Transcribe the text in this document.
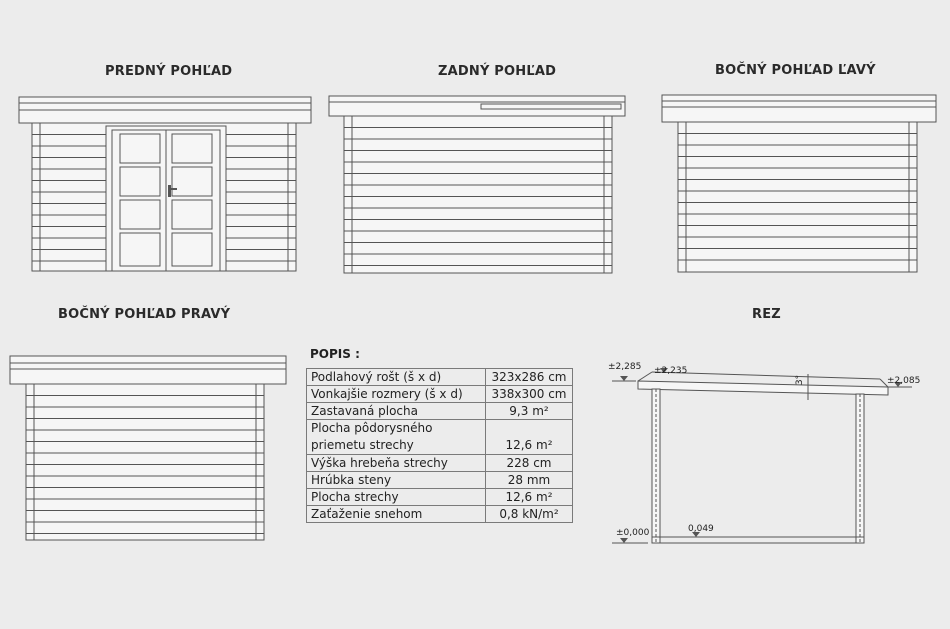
PREDNÝ POHĽAD	ZADNÝ POHĽAD	BOČNÝ POHĽAD ĽAVÝ
BOČNÝ POHĽAD PRAVÝ	REZ
±2,285 ±2,235
±2,085
±0,000	0,049
3°
POPIS :
Podlahový rošt (š x d)	323x286 cm
Vonkajšie rozmery (š x d)	338x300 cm
Zastavaná plocha	9,3 m²
Plocha pôdorysného
priemetu strechy	12,6 m²
Výška hrebeňa strechy	228 cm
Hrúbka steny	28 mm
Plocha strechy	12,6 m²
Zaťaženie snehom	0,8 kN/m²
